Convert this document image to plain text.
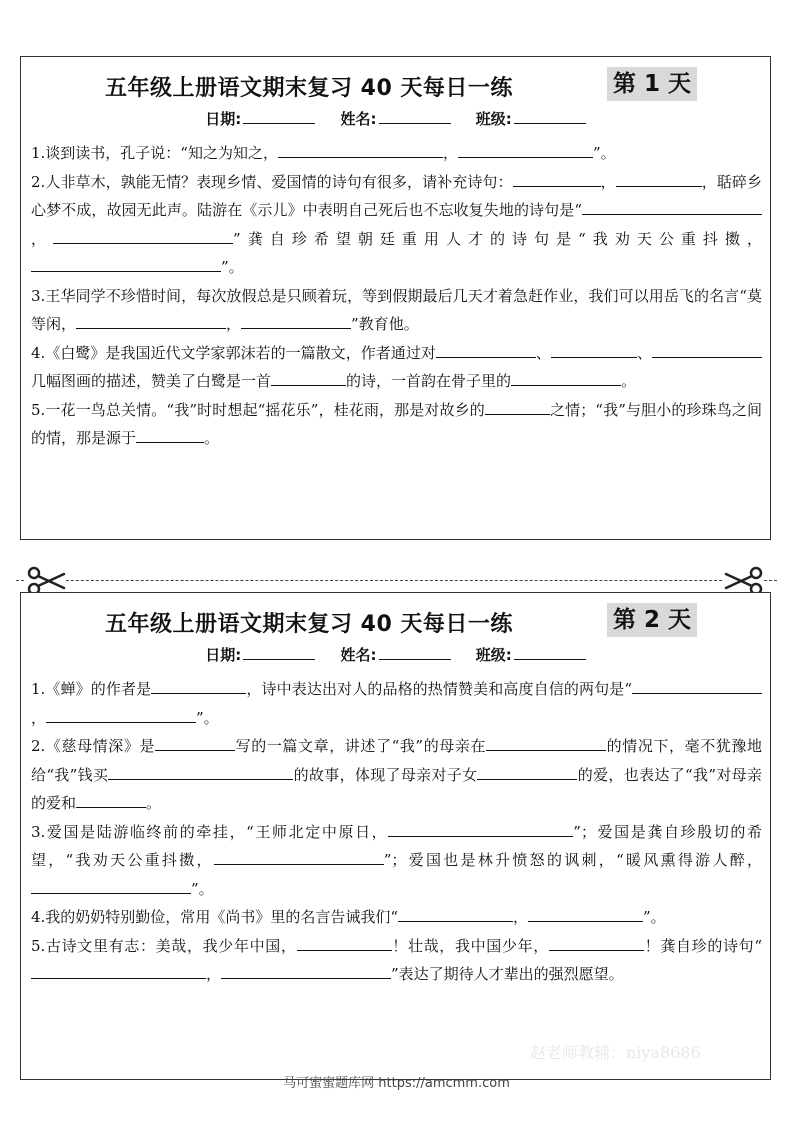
五年级上册语文期末复习 40 天每日一练	第 1 天
日期:	姓名:	班级:

1.谈到读书，孔子说：“知之为知之，	，	”。

2.人非草木，孰能无情？表现乡情、爱国情的诗句有很多，请补充诗句：	，	，聒碎乡心梦不成，故园无此声。陆游在《示儿》中表明自己死后也不忘收复失地的诗句是“，	”龚自珍希望朝廷重用人才的诗句是“我劝天公重抖擞，”。

3.王华同学不珍惜时间，每次放假总是只顾着玩，等到假期最后几天才着急赶作业，我们可以用岳飞的名言“莫等闲，	，	”教育他。

4.《白鹭》是我国近代文学家郭沫若的一篇散文，作者通过对	、	、几幅图画的描述，赞美了白鹭是一首	的诗，一首韵在骨子里的	。

5.一花一鸟总关情。“我”时时想起“摇花乐”，桂花雨，那是对故乡的	之情；“我”与胆小的珍珠鸟之间的情，那是源于	。

五年级上册语文期末复习 40 天每日一练	第 2 天
日期:	姓名:	班级:

1.《蝉》的作者是	，诗中表达出对人的品格的热情赞美和高度自信的两句是“，	”。

2.《慈母情深》是	写的一篇文章，讲述了“我”的母亲在	的情况下，毫不犹豫地给“我”钱买	的故事，体现了母亲对子女	的爱，也表达了“我”对母亲的爱和	。

3.爱国是陆游临终前的牵挂，“王师北定中原日，	”；爱国是龚自珍殷切的希望，“我劝天公重抖擞，	”；爱国也是林升愤怒的讽刺，“暖风熏得游人醉，”。

4.我的奶奶特别勤俭，常用《尚书》里的名言告诫我们“	，	”。

5.古诗文里有志：美哉，我少年中国，	！壮哉，我中国少年，	！龚自珍的诗句“，	”表达了期待人才辈出的强烈愿望。

赵老师教辅：niya8686
马可蜜蜜题库网 https://amcmm.com
